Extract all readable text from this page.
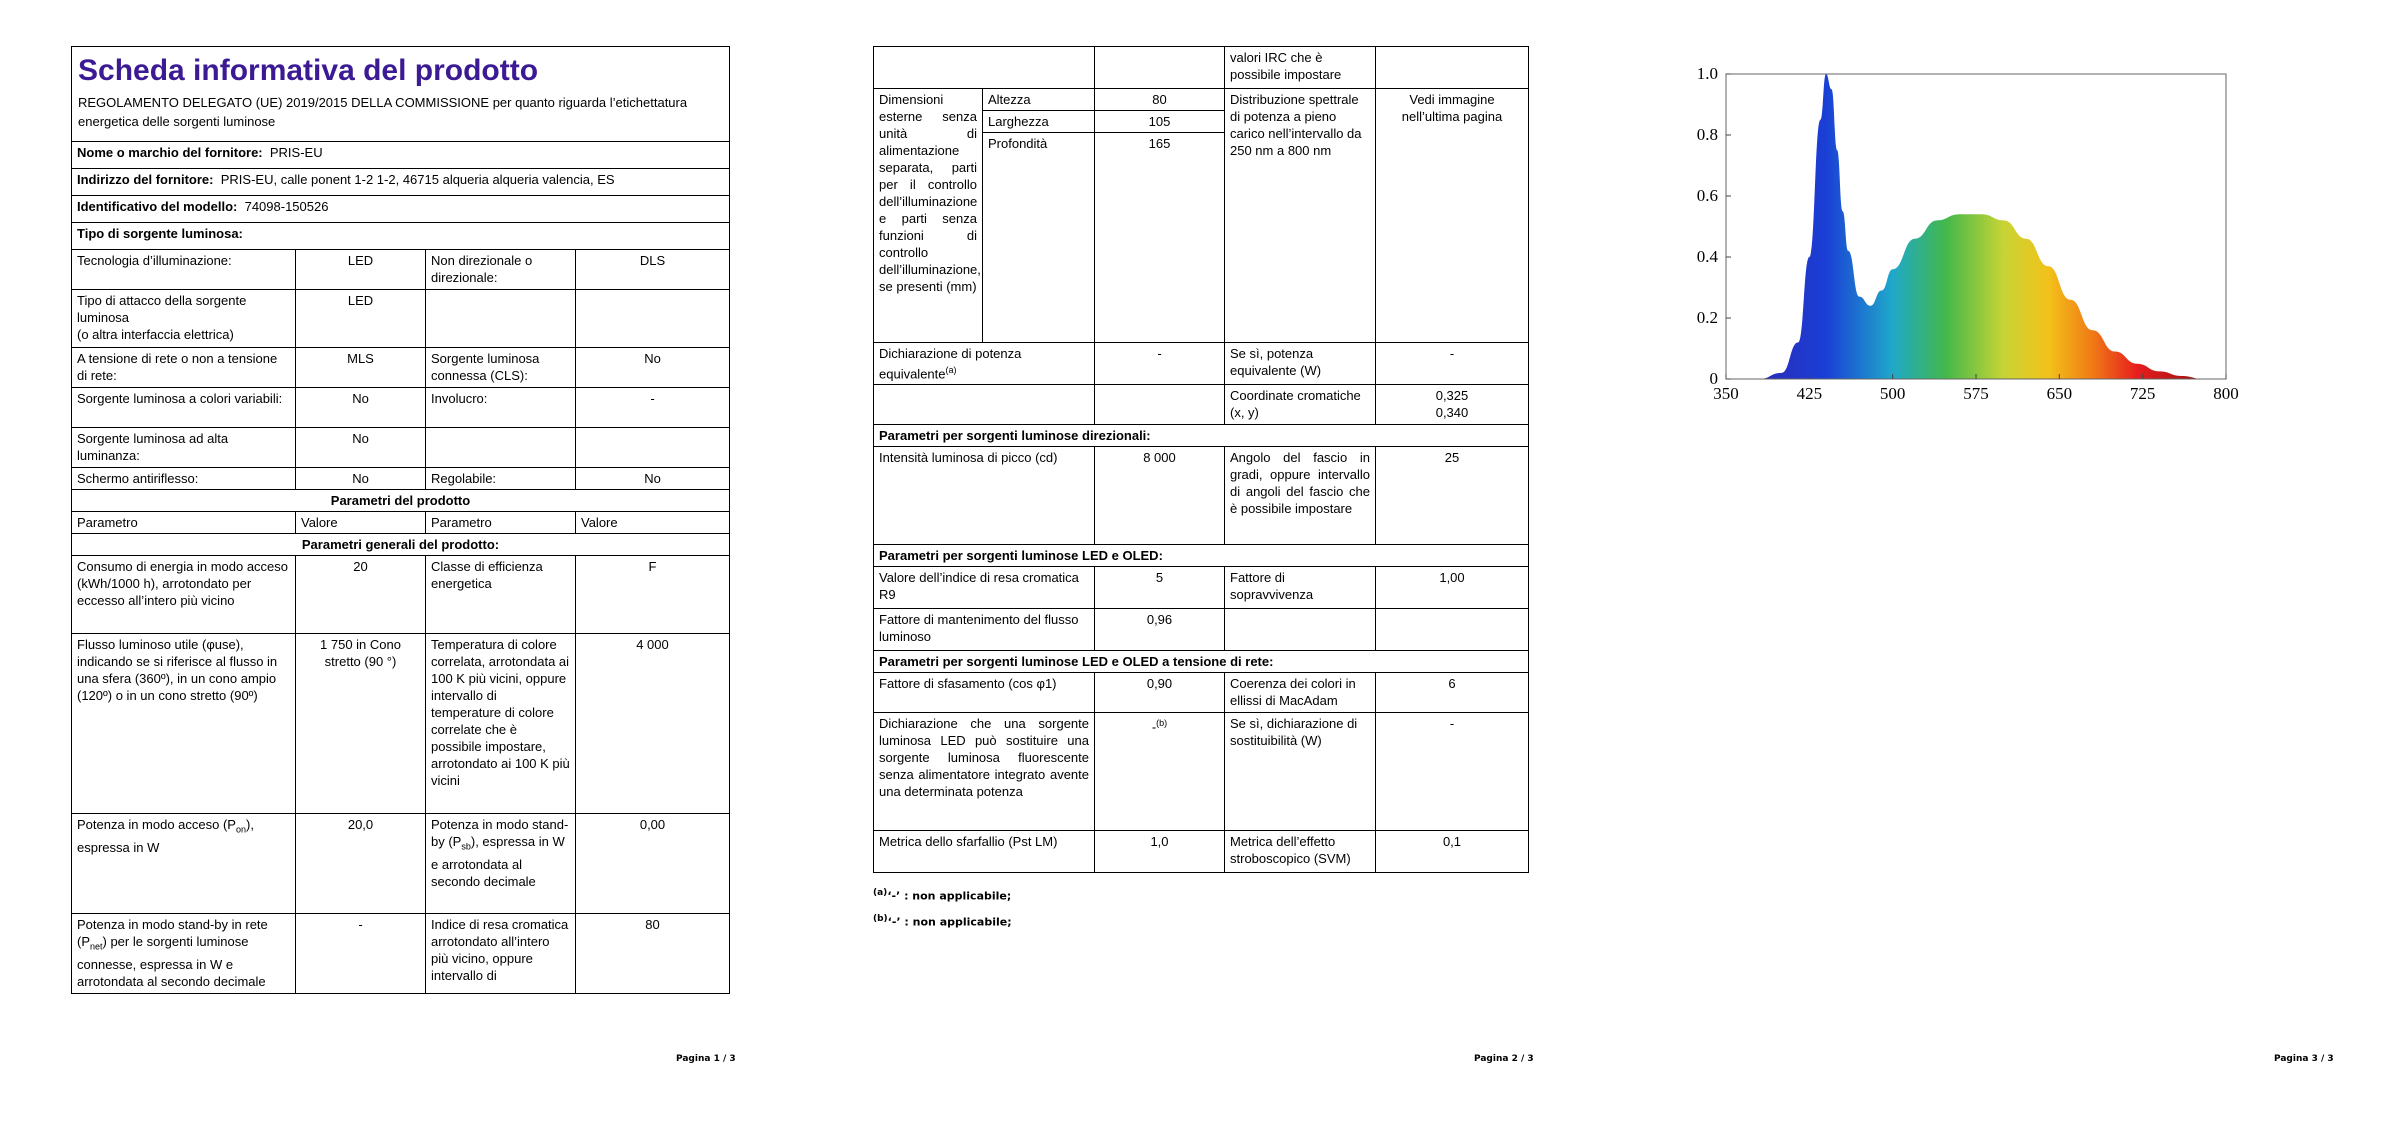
Scheda informativa del prodotto
REGOLAMENTO DELEGATO (UE) 2019/2015 DELLA COMMISSIONE per quanto riguarda l’etichettatura energetica delle sorgenti luminose			

Nome o marchio del fornitore: PRIS-EU			
Indirizzo del fornitore: PRIS-EU, calle ponent 1-2 1-2, 46715 alqueria alqueria valencia, ES			
Identificativo del modello: 74098-150526			
Tipo di sorgente luminosa:			
Tecnologia d’illuminazione:	LED	Non direzionale o direzionale:	DLS

Tipo di attacco della sorgente luminosa
(o altra interfaccia elettrica)	LED		
A tensione di rete o non a tensione di rete:	MLS	Sorgente luminosa connessa (CLS):	No
Sorgente luminosa a colori variabili:	No	Involucro:	-
Sorgente luminosa ad alta luminanza:	No		
Schermo antiriflesso:	No	Regolabile:	No
Parametri del prodotto			
Parametro	Valore	Parametro	Valore
Parametri generali del prodotto:			
Consumo di energia in modo acceso (kWh/1000 h), arrotondato per eccesso all’intero più vicino	20	Classe di efficienza energetica	F
Flusso luminoso utile (φuse), indicando se si riferisce al flusso in una sfera (360º), in un cono ampio (120º) o in un cono stretto (90º)	1 750 in Cono stretto (90 °)	Temperatura di colore correlata, arrotondata ai 100 K più vicini, oppure intervallo di temperature di colore correlate che è possibile impostare, arrotondato ai 100 K più vicini	4 000
Potenza in modo acceso $(P_{on})$, espressa in W	20,0	Potenza in modo stand-by $(P_{sb})$, espressa in W e arrotondata al secondo decimale	0,00
Potenza in modo stand-by in rete $(P_{net})$ per le sorgenti luminose connesse, espressa in W e arrotondata al secondo decimale	-	Indice di resa cromatica arrotondato all’intero più vicino, oppure intervallo di	80
Pagina 1 / 3
			valori IRC che è possibile impostare	
Dimensioni esterne senza unità di alimentazione separata, parti per il controllo dell’illuminazione e parti senza funzioni di controllo dell’illuminazione, se presenti (mm)	Altezza	80	Distribuzione spettrale di potenza a pieno carico nell’intervallo da 250 nm a 800 nm	Vedi immagine nell’ultima pagina
	Larghezza	105		
	Profondità	165		
Dichiarazione di potenza equivalente$^{(a)}$		-	Se sì, potenza equivalente (W)	-
			Coordinate cromatiche (x, y)	0,325
0,340

Parametri per sorgenti luminose direzionali:				
Intensità luminosa di picco (cd)		8 000	Angolo del fascio in gradi, oppure intervallo di angoli del fascio che è possibile impostare	25
Parametri per sorgenti luminose LED e OLED:				
Valore dell’indice di resa cromatica R9		5	Fattore di sopravvivenza	1,00
Fattore di mantenimento del flusso luminoso		0,96		
Parametri per sorgenti luminose LED e OLED a tensione di rete:				
Fattore di sfasamento (cos φ1)		0,90	Coerenza dei colori in ellissi di MacAdam	6
Dichiarazione che una sorgente luminosa LED può sostituire una sorgente luminosa fluorescente senza alimentatore integrato avente una determinata potenza		-$^{(b)}$	Se sì, dichiarazione di sostituibilità (W)	-
Metrica dello sfarfallio (Pst LM)		1,0	Metrica dell’effetto stroboscopico (SVM)	0,1
$^{(a)}$‘-’ : non applicabile;
$^{(b)}$‘-’ : non applicabile;
Pagina 2 / 3
350	425	500	575	650	725	800
0
0.2
0.4
0.6
0.8
1.0
Pagina 3 / 3
